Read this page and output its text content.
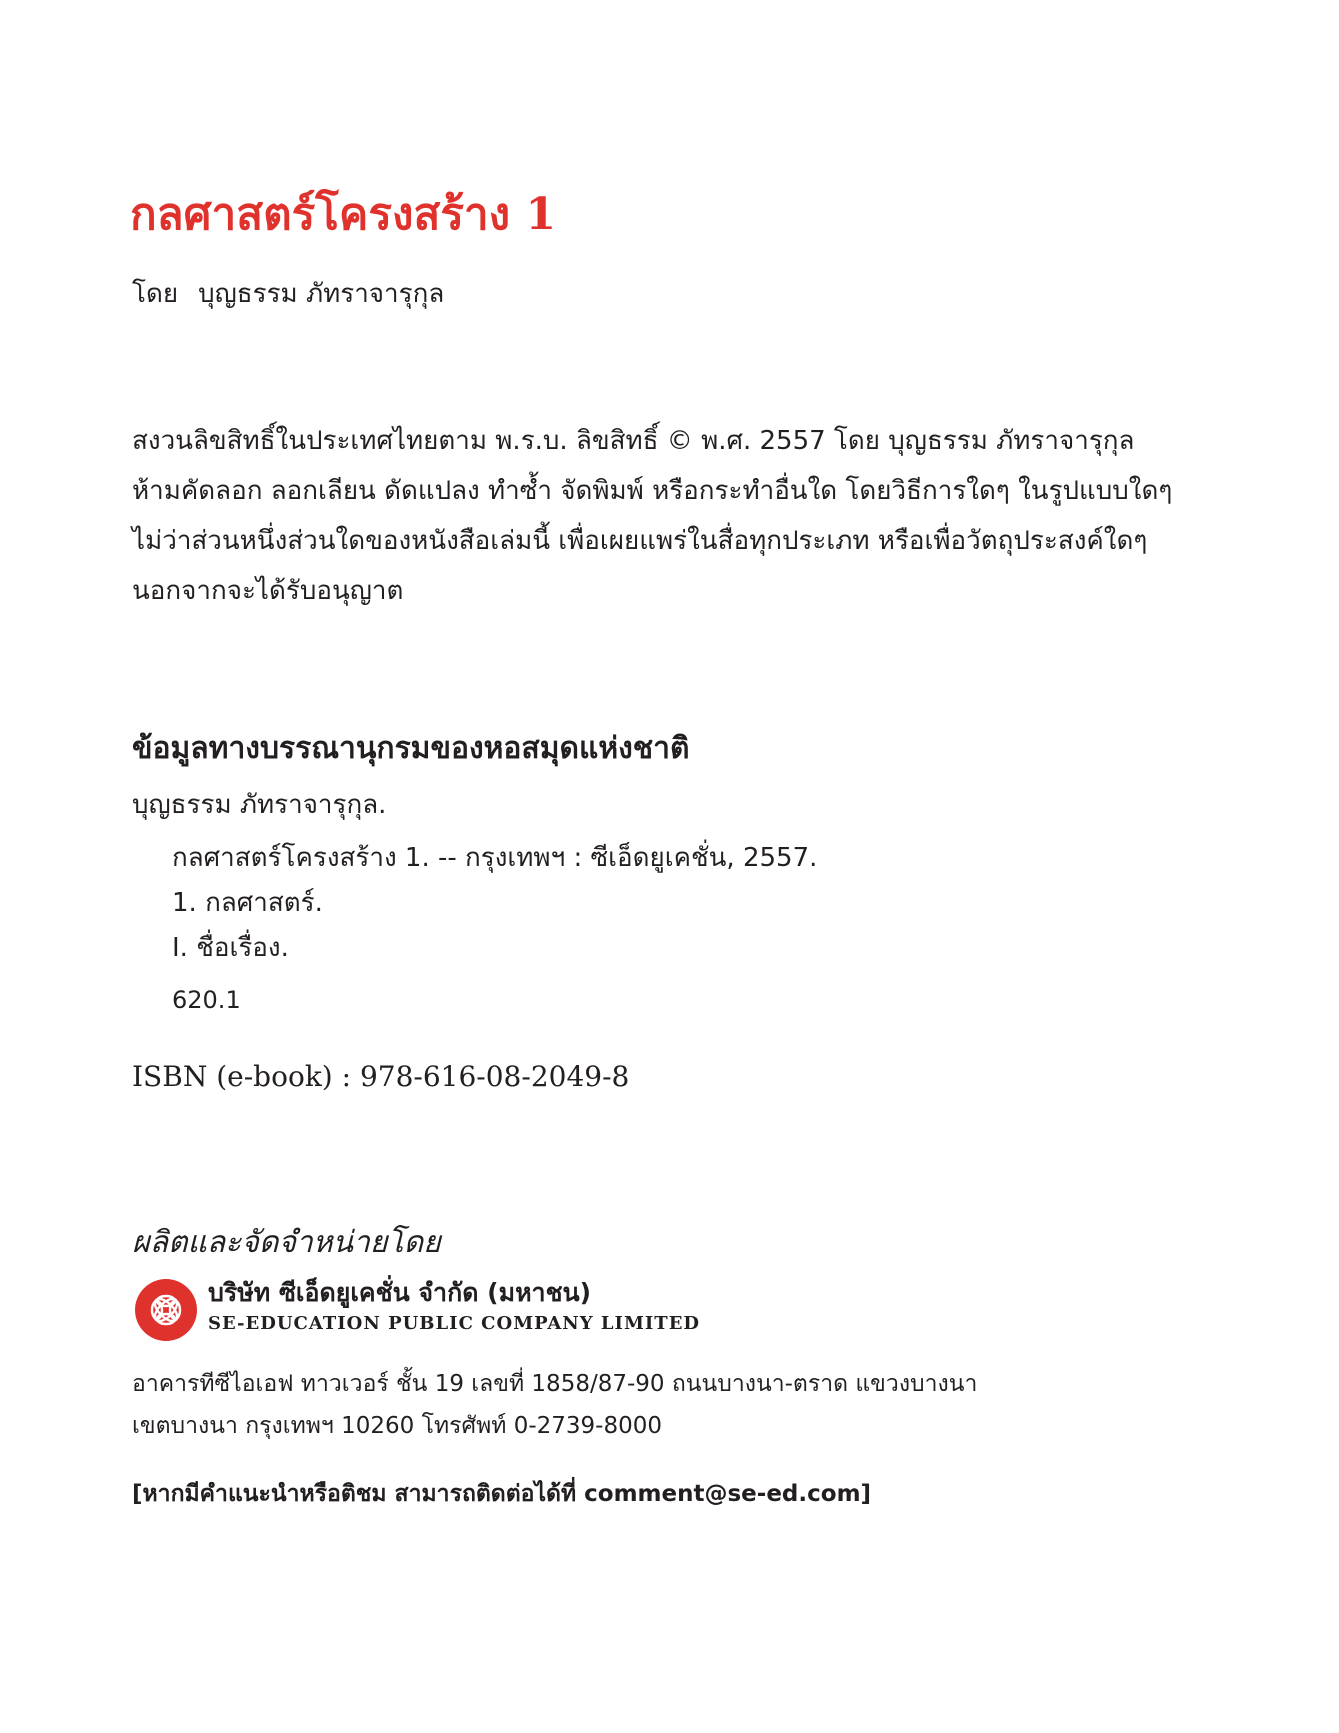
กลศาสตร์โครงสร้าง 1
โดย บุญธรรม ภัทราจารุกุล
สงวนลิขสิทธิ์ในประเทศไทยตาม พ.ร.บ. ลิขสิทธิ์ © พ.ศ. 2557 โดย บุญธรรม ภัทราจารุกุล
ห้ามคัดลอก ลอกเลียน ดัดแปลง ทำซ้ำ จัดพิมพ์ หรือกระทำอื่นใด โดยวิธีการใดๆ ในรูปแบบใดๆ
ไม่ว่าส่วนหนึ่งส่วนใดของหนังสือเล่มนี้ เพื่อเผยแพร่ในสื่อทุกประเภท หรือเพื่อวัตถุประสงค์ใดๆ
นอกจากจะได้รับอนุญาต
ข้อมูลทางบรรณานุกรมของหอสมุดแห่งชาติ
บุญธรรม ภัทราจารุกุล.
กลศาสตร์โครงสร้าง 1. -- กรุงเทพฯ : ซีเอ็ดยูเคชั่น, 2557.
1. กลศาสตร์.
I. ชื่อเรื่อง.
620.1
ISBN (e-book) : 978-616-08-2049-8
ผลิตและจัดจำหน่ายโดย
บริษัท ซีเอ็ดยูเคชั่น จำกัด (มหาชน)
SE-EDUCATION PUBLIC COMPANY LIMITED
อาคารทีซีไอเอฟ ทาวเวอร์ ชั้น 19 เลขที่ 1858/87-90 ถนนบางนา-ตราด แขวงบางนา
เขตบางนา กรุงเทพฯ 10260 โทรศัพท์ 0-2739-8000
[หากมีคำแนะนำหรือติชม สามารถติดต่อได้ที่ comment@se-ed.com]
